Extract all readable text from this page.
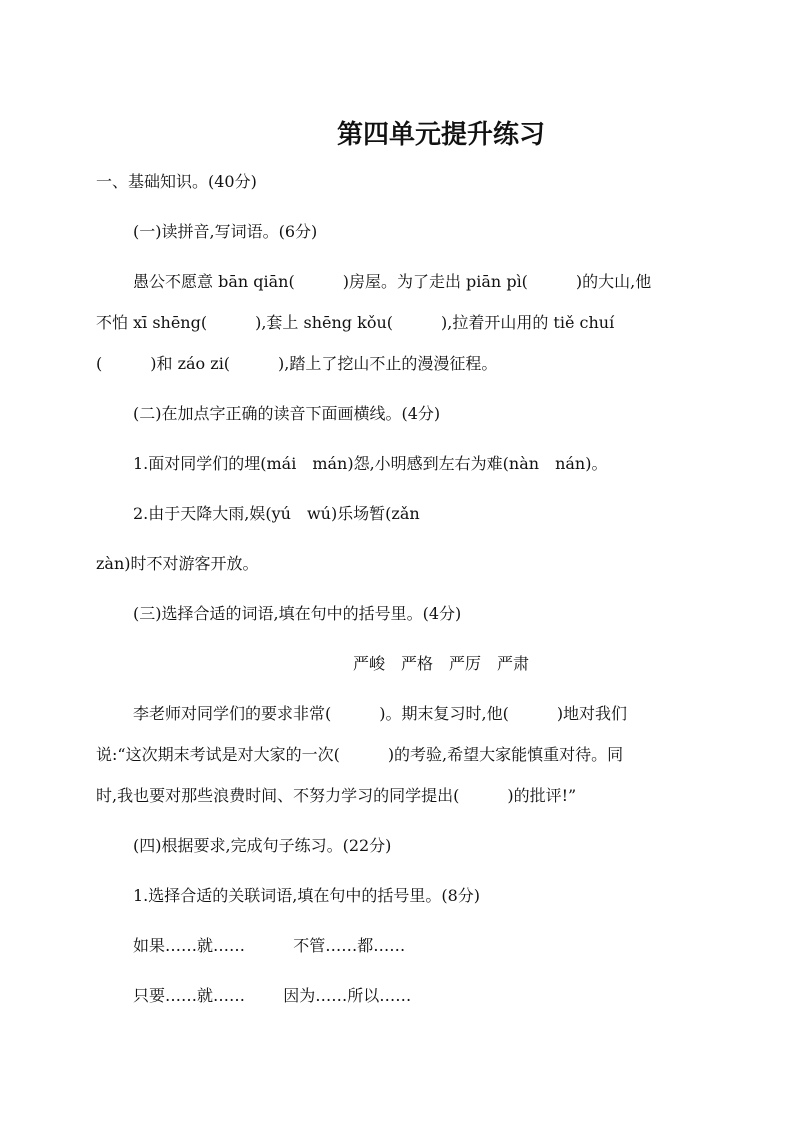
第四单元提升练习
一、基础知识。(40分)
(一)读拼音,写词语。(6分)
愚公不愿意 bān qiān(　　　)房屋。为了走出 piān pì(　　　)的大山,他
不怕 xī shēng(　　　),套上 shēng kǒu(　　　),拉着开山用的 tiě chuí
(　　　)和 záo zi(　　　),踏上了挖山不止的漫漫征程。
(二)在加点字正确的读音下面画横线。(4分)
1.面对同学们的埋(mái　mán)怨,小明感到左右为难(nàn　nán)。
2.由于天降大雨,娱(yú　wú)乐场暂(zǎn
zàn)时不对游客开放。
(三)选择合适的词语,填在句中的括号里。(4分)
严峻　严格　严厉　严肃
李老师对同学们的要求非常(　　　)。期末复习时,他(　　　)地对我们
说:“这次期末考试是对大家的一次(　　　)的考验,希望大家能慎重对待。同
时,我也要对那些浪费时间、不努力学习的同学提出(　　　)的批评!”
(四)根据要求,完成句子练习。(22分)
1.选择合适的关联词语,填在句中的括号里。(8分)
如果……就……	不管……都……
只要……就…… 因为……所以……
